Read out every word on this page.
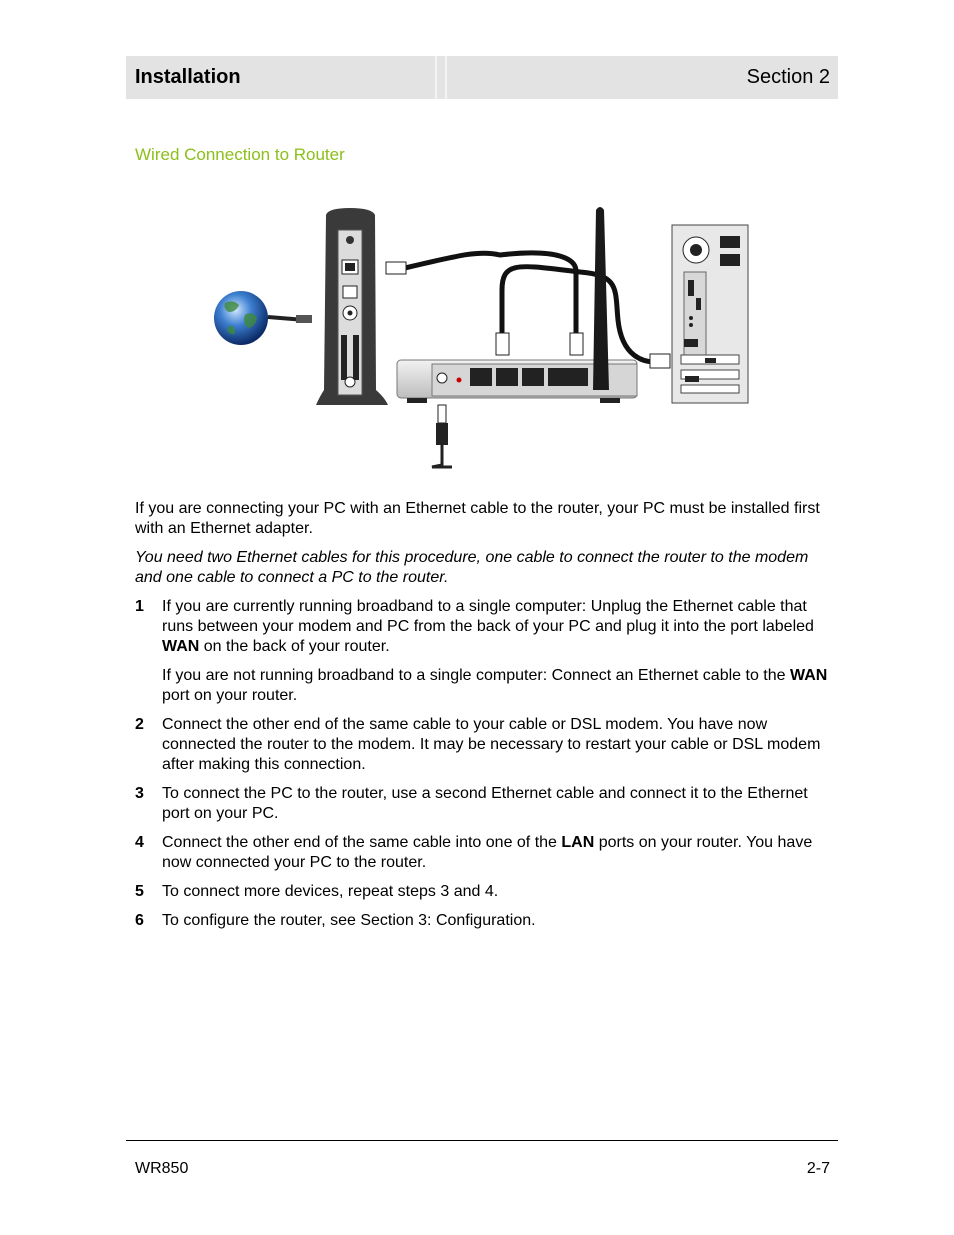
Installation	Section 2
Wired Connection to Router

If you are connecting your PC with an Ethernet cable to the router, your PC must be installed first with an Ethernet adapter.

You need two Ethernet cables for this procedure, one cable to connect the router to the modem and one cable to connect a PC to the router.

1	If you are currently running broadband to a single computer: Unplug the Ethernet cable that runs between your modem and PC from the back of your PC and plug it into the port labeled WAN on the back of your router.
If you are not running broadband to a single computer: Connect an Ethernet cable to the WAN port on your router.
2	Connect the other end of the same cable to your cable or DSL modem. You have now connected the router to the modem. It may be necessary to restart your cable or DSL modem after making this connection.
3	To connect the PC to the router, use a second Ethernet cable and connect it to the Ethernet port on your PC.
4	Connect the other end of the same cable into one of the LAN ports on your router. You have now connected your PC to the router.
5	To connect more devices, repeat steps 3 and 4.
6	To configure the router, see Section 3: Configuration.
WR850	2-7
